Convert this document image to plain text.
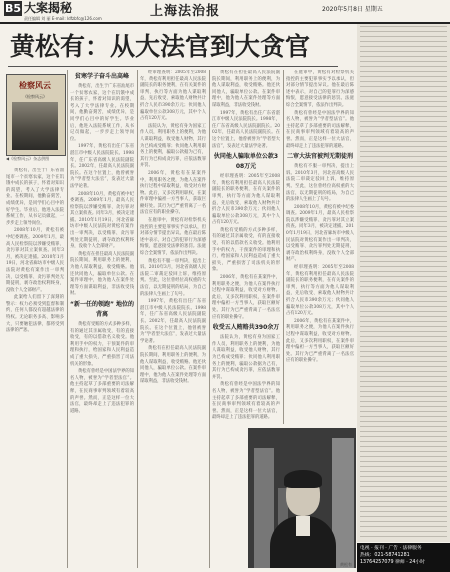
B5 大案揭秘	上海法治报	2020年5月8日 星期五
责任编辑 刘 丽 E-mail: ldfzbfc@126.com
黄松有：从大法官到大贪官
检察风云
《检察风云》
◀《检察风云》杂志供图

黄松有，出生于广东省汕尾市一个贫寒农家，这个在饥饿中成长的孩子，怀着对知识的渴望，考入了大学法律专业。在校期间，他勤奋刻苦，成绩优异，是同学们心目中的好学生。毕业后，他进入法院系统工作，从书记员做起，一步步走上领导岗位。

2008年10月，黄松有被中纪委调查。2009年1月，最高人民检察院以涉嫌受贿罪、贪污罪对其立案侦查。同年3月，被决定逮捕。2010年1月19日，河北省廊坊市中级人民法院对黄松有案作出一审判决，以受贿罪、贪污罪判处无期徒刑，剥夺政治权利终身，没收个人全部财产。

此案给人们留下了深刻的警示：权力必须受到监督和制约，任何人都没有超越法律的特权。无论职务多高、影响多大，只要触犯法律，都将受到法律的严惩。

贫寒学子奋斗出高峰

黄松有，出生于广东省汕尾市一个贫寒农家，这个在饥饿中成长的孩子，怀着对知识的渴望，考入了大学法律专业。在校期间，他勤奋刻苦，成绩优异，是同学们心目中的好学生。毕业后，他进入法院系统工作，从书记员做起，一步步走上领导岗位。

1997年，黄松有出任广东省湛江市中级人民法院院长。1998年，任广东省高级人民法院副院长。2002年，任最高人民法院副院长。在这个位置上，他曾被誉为“学者型大法官”，发表过大量法学论著。

2008年10月，黄松有被中纪委调查。2009年1月，最高人民检察院以涉嫌受贿罪、贪污罪对其立案侦查。同年3月，被决定逮捕。2010年1月19日，河北省廊坊市中级人民法院对黄松有案作出一审判决，以受贿罪、贪污罪判处无期徒刑，剥夺政治权利终身，没收个人全部财产。

黄松有在担任最高人民法院副院长期间，利用职务上的便利，为他人谋取利益，收受贿赂。他还伙同他人，骗取单位公款。在案件审理中，他为他人在案件处理等方面谋取利益，非法收受钱财。

“新一任的领跑” 地位的背离

黄松有受贿的方式多种多样，有的通过其亲属收受，有的直接收受，有的以借款名义收受。他利用手中的权力，干预案件的审理和执行，给国家和人民利益造成了重大损失，严重损害了司法机关的形象。

黄松有曾经是中国法学界的知名人物，被誉为“学者型法官”。他主持起草了多部重要的司法解释，在民商事审判领域有着较高的声誉。然而，正是这样一位大法官，最终却走上了违法犯罪的道路。

经审理查明：2005年至2008年，黄松有利用担任最高人民法院副院长的职务便利，在有关案件的审判、执行等方面为他人谋取利益，先后收受、索取他人财物共计折合人民币390余万元；伙同他人骗取单位公款308万元，其中个人占有120万元。

法院认为，黄松有身为国家工作人员，利用职务上的便利，为他人谋取利益，收受他人财物，其行为已构成受贿罪；伙同他人利用职务上的便利，骗取公款据为己有，其行为已构成贪污罪，应依法数罪并罚。

2006年，黄松有在某案件中，利用职务之便，为他人在案件执行过程中谋取利益，收受对方财物。此后，又多次利用职权，在案件审理中偏袒一方当事人，获取巨额好处。其行为已严重背离了一名法官应有的职业操守。

在庭审中，黄松有对检察机关指控的主要犯罪事实予以承认，但对部分情节提出异议。他在最后陈述中表示，对自己的犯罪行为深感悔恨，愿意接受法律的惩罚。法庭综合全案情节，依法作出判决。

黄松有不服一审判决，提出上诉。2010年3月，河北省高级人民法院二审裁定驳回上诉，维持原判。至此，这位曾经位高权重的大法官，以无期徒刑的结局，为自己的法律人生画上了句号。

1997年，黄松有出任广东省湛江市中级人民法院院长。1998年，任广东省高级人民法院副院长。2002年，任最高人民法院副院长。在这个位置上，他曾被誉为“学者型大法官”，发表过大量法学论著。

黄松有在担任最高人民法院副院长期间，利用职务上的便利，为他人谋取利益，收受贿赂。他还伙同他人，骗取单位公款。在案件审理中，他为他人在案件处理等方面谋取利益，非法收受钱财。

黄松有在担任最高人民法院副院长期间，利用职务上的便利，为他人谋取利益，收受贿赂。他还伙同他人，骗取单位公款。在案件审理中，他为他人在案件处理等方面谋取利益，非法收受钱财。

1997年，黄松有出任广东省湛江市中级人民法院院长。1998年，任广东省高级人民法院副院长。2002年，任最高人民法院副院长。在这个位置上，他曾被誉为“学者型大法官”，发表过大量法学论著。

伙同他人骗取单位公款308万元

经审理查明：2005年至2008年，黄松有利用担任最高人民法院副院长的职务便利，在有关案件的审判、执行等方面为他人谋取利益，先后收受、索取他人财物共计折合人民币390余万元；伙同他人骗取单位公款308万元，其中个人占有120万元。

黄松有受贿的方式多种多样，有的通过其亲属收受，有的直接收受，有的以借款名义收受。他利用手中的权力，干预案件的审理和执行，给国家和人民利益造成了重大损失，严重损害了司法机关的形象。

2006年，黄松有在某案件中，利用职务之便，为他人在案件执行过程中谋取利益，收受对方财物。此后，又多次利用职权，在案件审理中偏袒一方当事人，获取巨额好处。其行为已严重背离了一名法官应有的职业操守。

收受五人贿赂共390余万

法院认为，黄松有身为国家工作人员，利用职务上的便利，为他人谋取利益，收受他人财物，其行为已构成受贿罪；伙同他人利用职务上的便利，骗取公款据为己有，其行为已构成贪污罪，应依法数罪并罚。

黄松有曾经是中国法学界的知名人物，被誉为“学者型法官”。他主持起草了多部重要的司法解释，在民商事审判领域有着较高的声誉。然而，正是这样一位大法官，最终却走上了违法犯罪的道路。

在庭审中，黄松有对检察机关指控的主要犯罪事实予以承认，但对部分情节提出异议。他在最后陈述中表示，对自己的犯罪行为深感悔恨，愿意接受法律的惩罚。法庭综合全案情节，依法作出判决。

黄松有曾经是中国法学界的知名人物，被誉为“学者型法官”。他主持起草了多部重要的司法解释，在民商事审判领域有着较高的声誉。然而，正是这样一位大法官，最终却走上了违法犯罪的道路。

二审大法官被判无期徒刑

黄松有不服一审判决，提出上诉。2010年3月，河北省高级人民法院二审裁定驳回上诉，维持原判。至此，这位曾经位高权重的大法官，以无期徒刑的结局，为自己的法律人生画上了句号。

2008年10月，黄松有被中纪委调查。2009年1月，最高人民检察院以涉嫌受贿罪、贪污罪对其立案侦查。同年3月，被决定逮捕。2010年1月19日，河北省廊坊市中级人民法院对黄松有案作出一审判决，以受贿罪、贪污罪判处无期徒刑，剥夺政治权利终身，没收个人全部财产。

经审理查明：2005年至2008年，黄松有利用担任最高人民法院副院长的职务便利，在有关案件的审判、执行等方面为他人谋取利益，先后收受、索取他人财物共计折合人民币390余万元；伙同他人骗取单位公款308万元，其中个人占有120万元。

2006年，黄松有在某案件中，利用职务之便，为他人在案件执行过程中谋取利益，收受对方财物。此后，又多次利用职权，在案件审理中偏袒一方当事人，获取巨额好处。其行为已严重背离了一名法官应有的职业操守。

黄松有
电视 · 报刊 · 广告 · 法律服务
热线：021-58741281
13764257079 律师 · 24小时
